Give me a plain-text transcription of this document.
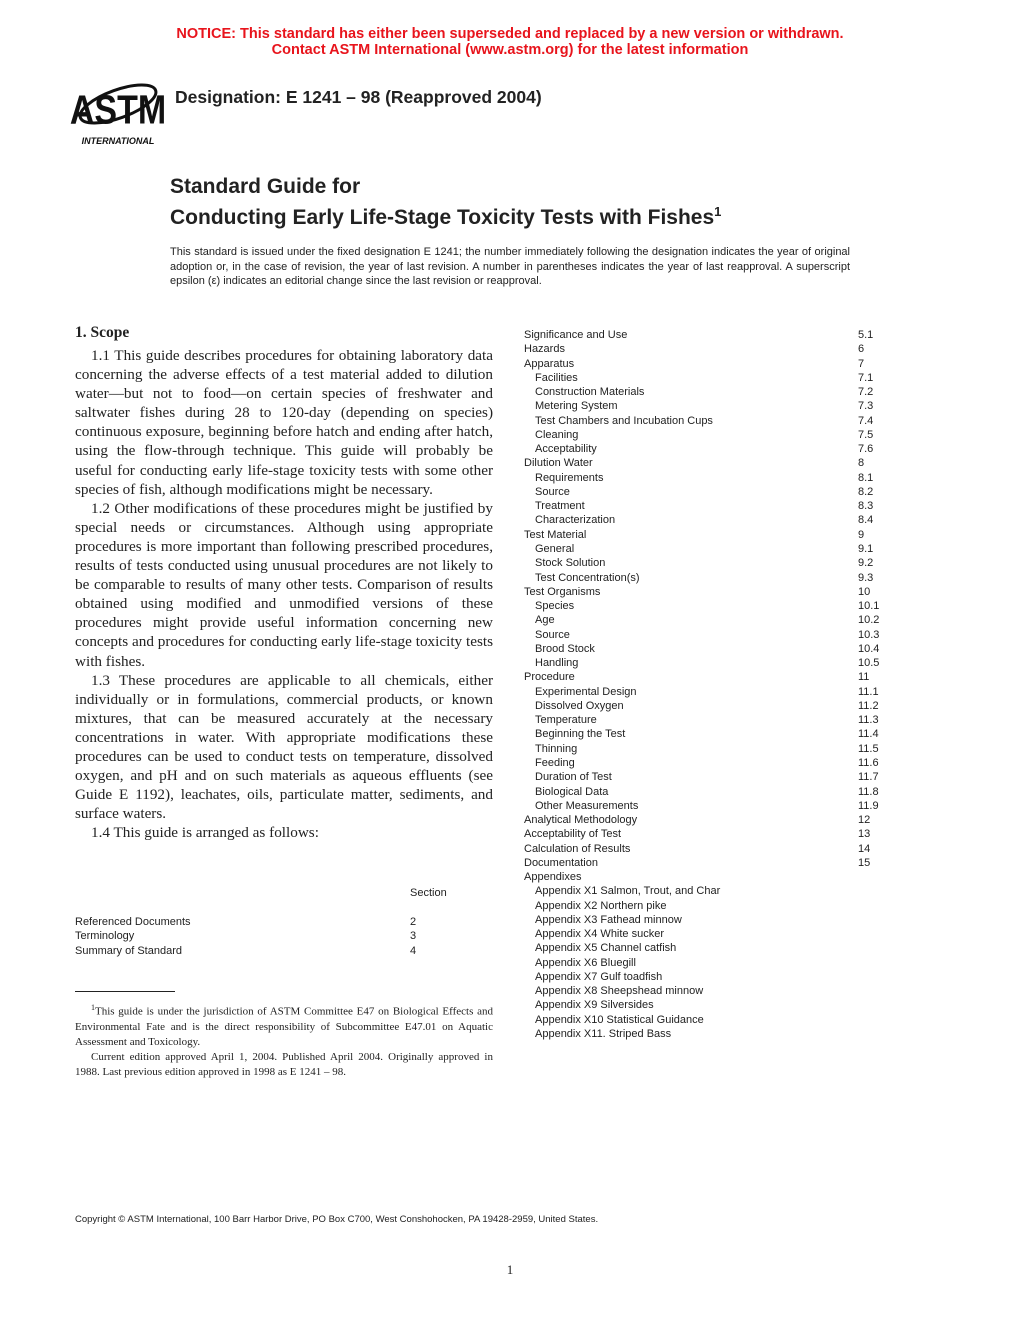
NOTICE: This standard has either been superseded and replaced by a new version or withdrawn.
Contact ASTM International (www.astm.org) for the latest information
ASTM
INTERNATIONAL
Designation: E 1241 – 98 (Reapproved 2004)
Standard Guide for
Conducting Early Life-Stage Toxicity Tests with Fishes$^1$
This standard is issued under the fixed designation E 1241; the number immediately following the designation indicates the year of original adoption or, in the case of revision, the year of last revision. A number in parentheses indicates the year of last reapproval. A superscript epsilon (ε) indicates an editorial change since the last revision or reapproval.
1. Scope

1.1 This guide describes procedures for obtaining laboratory data concerning the adverse effects of a test material added to dilution water—but not to food—on certain species of freshwater and saltwater fishes during 28 to 120-day (depending on species) continuous exposure, beginning before hatch and ending after hatch, using the flow-through technique. This guide will probably be useful for conducting early life-stage toxicity tests with some other species of fish, although modifications might be necessary.

1.2 Other modifications of these procedures might be justified by special needs or circumstances. Although using appropriate procedures is more important than following prescribed procedures, results of tests conducted using unusual procedures are not likely to be comparable to results of many other tests. Comparison of results obtained using modified and unmodified versions of these procedures might provide useful information concerning new concepts and procedures for conducting early life-stage toxicity tests with fishes.

1.3 These procedures are applicable to all chemicals, either individually or in formulations, commercial products, or known mixtures, that can be measured accurately at the necessary concentrations in water. With appropriate modifications these procedures can be used to conduct tests on temperature, dissolved oxygen, and pH and on such materials as aqueous effluents (see Guide E 1192), leachates, oils, particulate matter, sediments, and surface waters.

1.4 This guide is arranged as follows:

Section
Referenced Documents	2
Terminology	3
Summary of Standard	4

$^1$This guide is under the jurisdiction of ASTM Committee E47 on Biological Effects and Environmental Fate and is the direct responsibility of Subcommittee E47.01 on Aquatic Assessment and Toxicology.

Current edition approved April 1, 2004. Published April 2004. Originally approved in 1988. Last previous edition approved in 1998 as E 1241 – 98.

Significance and Use	5.1
Hazards	6
Apparatus	7
Facilities	7.1
Construction Materials	7.2
Metering System	7.3
Test Chambers and Incubation Cups	7.4
Cleaning	7.5
Acceptability	7.6
Dilution Water	8
Requirements	8.1
Source	8.2
Treatment	8.3
Characterization	8.4
Test Material	9
General	9.1
Stock Solution	9.2
Test Concentration(s)	9.3
Test Organisms	10
Species	10.1
Age	10.2
Source	10.3
Brood Stock	10.4
Handling	10.5
Procedure	11
Experimental Design	11.1
Dissolved Oxygen	11.2
Temperature	11.3
Beginning the Test	11.4
Thinning	11.5
Feeding	11.6
Duration of Test	11.7
Biological Data	11.8
Other Measurements	11.9
Analytical Methodology	12
Acceptability of Test	13
Calculation of Results	14
Documentation	15
Appendixes
Appendix X1 Salmon, Trout, and Char
Appendix X2 Northern pike
Appendix X3 Fathead minnow
Appendix X4 White sucker
Appendix X5 Channel catfish
Appendix X6 Bluegill
Appendix X7 Gulf toadfish
Appendix X8 Sheepshead minnow
Appendix X9 Silversides
Appendix X10 Statistical Guidance
Appendix X11. Striped Bass
Copyright © ASTM International, 100 Barr Harbor Drive, PO Box C700, West Conshohocken, PA 19428-2959, United States.
1
